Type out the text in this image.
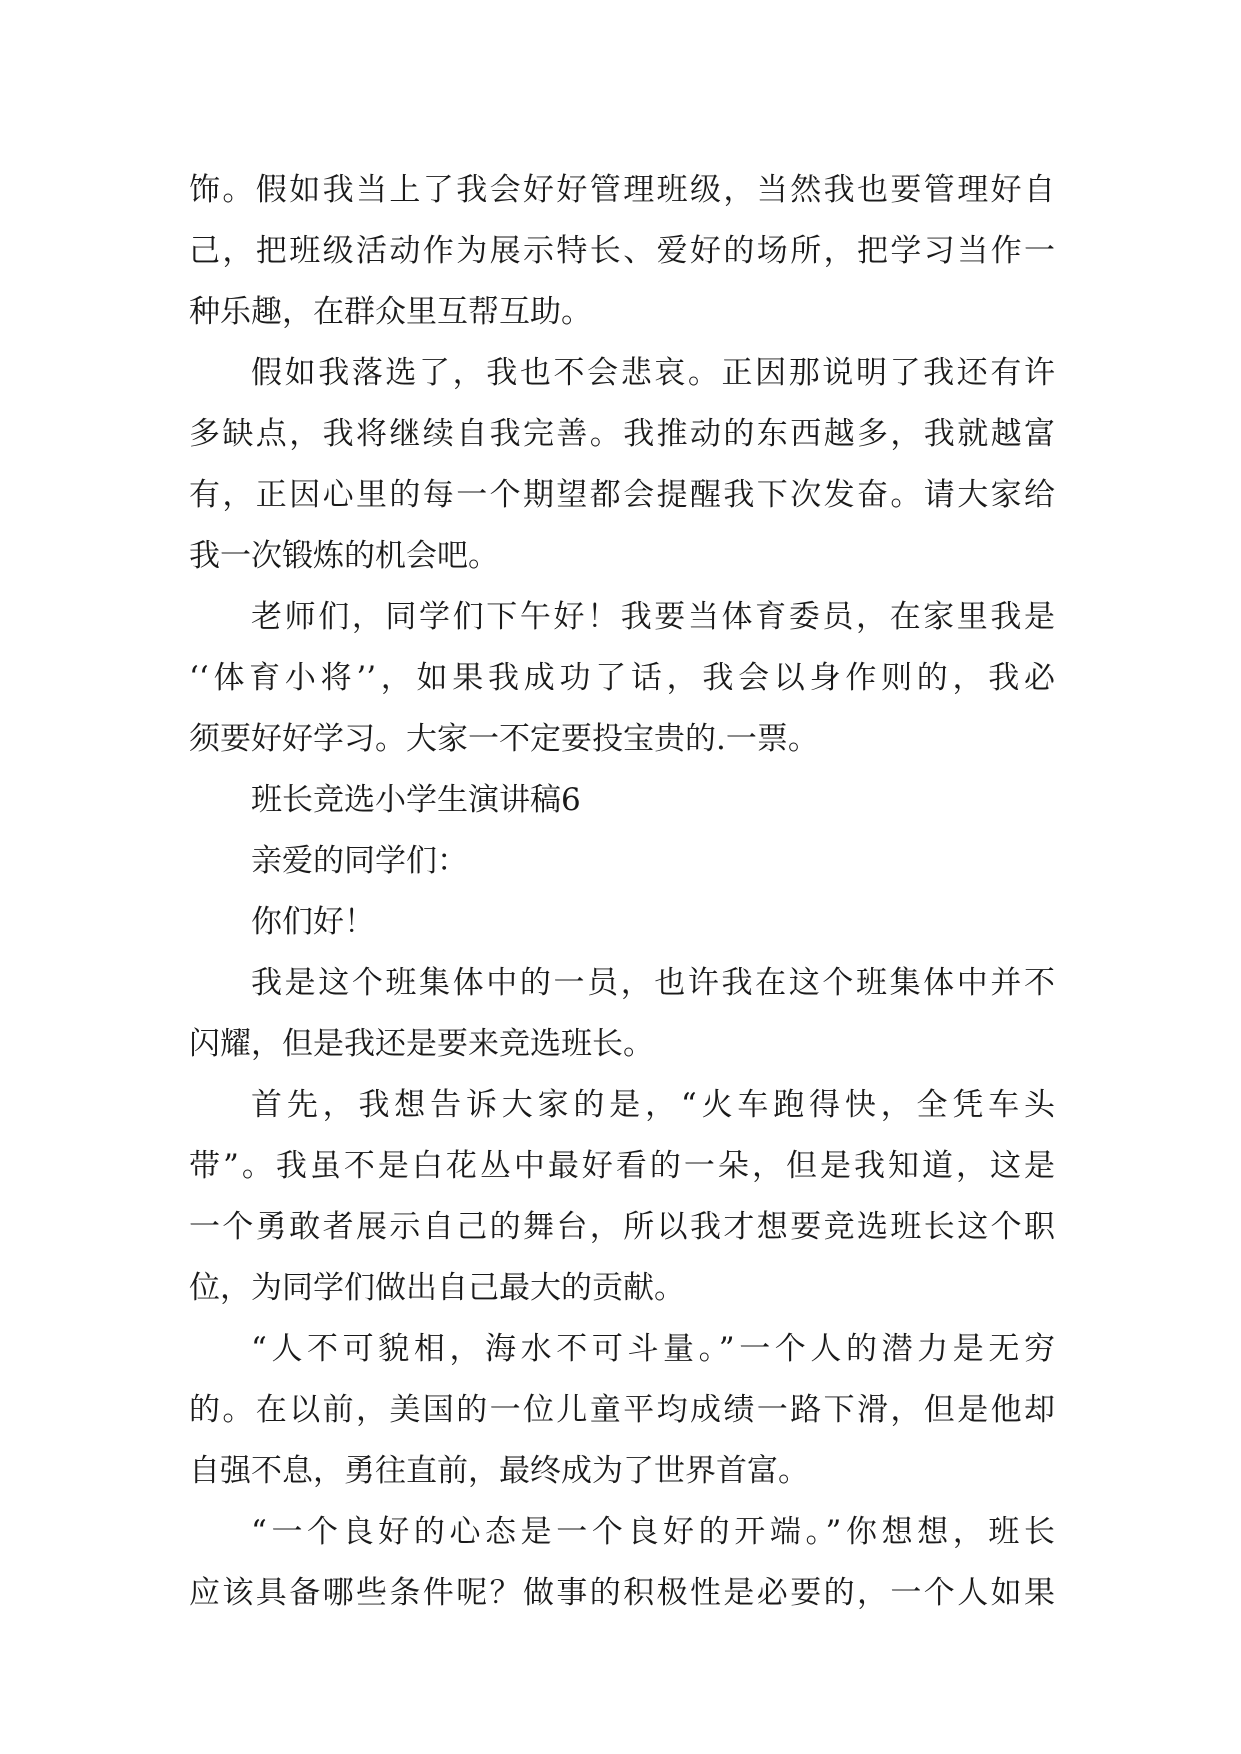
饰。假如我当上了我会好好管理班级，当然我也要管理好自
己，把班级活动作为展示特长、爱好的场所，把学习当作一
种乐趣，在群众里互帮互助。
假如我落选了，我也不会悲哀。正因那说明了我还有许
多缺点，我将继续自我完善。我推动的东西越多，我就越富
有，正因心里的每一个期望都会提醒我下次发奋。请大家给
我一次锻炼的机会吧。
老师们，同学们下午好！我要当体育委员，在家里我是
‘‘体育小将’’，如果我成功了话，我会以身作则的，我必
须要好好学习。大家一不定要投宝贵的.一票。
班长竞选小学生演讲稿6
亲爱的同学们：
你们好！
我是这个班集体中的一员，也许我在这个班集体中并不
闪耀，但是我还是要来竞选班长。
首先，我想告诉大家的是，“火车跑得快，全凭车头
带”。我虽不是白花丛中最好看的一朵，但是我知道，这是
一个勇敢者展示自己的舞台，所以我才想要竞选班长这个职
位，为同学们做出自己最大的贡献。
“人不可貌相，海水不可斗量。”一个人的潜力是无穷
的。在以前，美国的一位儿童平均成绩一路下滑，但是他却
自强不息，勇往直前，最终成为了世界首富。
“一个良好的心态是一个良好的开端。”你想想，班长
应该具备哪些条件呢？做事的积极性是必要的，一个人如果
